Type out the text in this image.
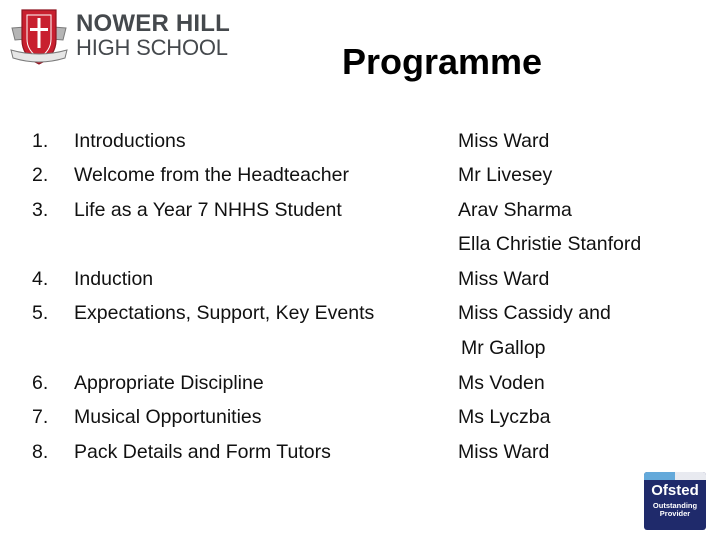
NOWER HILL
HIGH SCHOOL	Programme
1. Introductions	Miss Ward
2. Welcome from the Headteacher	Mr Livesey
3. Life as a Year 7 NHHS Student	Arav Sharma
Ella Christie Stanford
4. Induction	Miss Ward
5. Expectations, Support, Key Events	Miss Cassidy and
Mr Gallop
6. Appropriate Discipline	Ms Voden
7. Musical Opportunities	Ms Lyczba
8. Pack Details and Form Tutors	Miss Ward
Ofsted
Outstanding Provider
